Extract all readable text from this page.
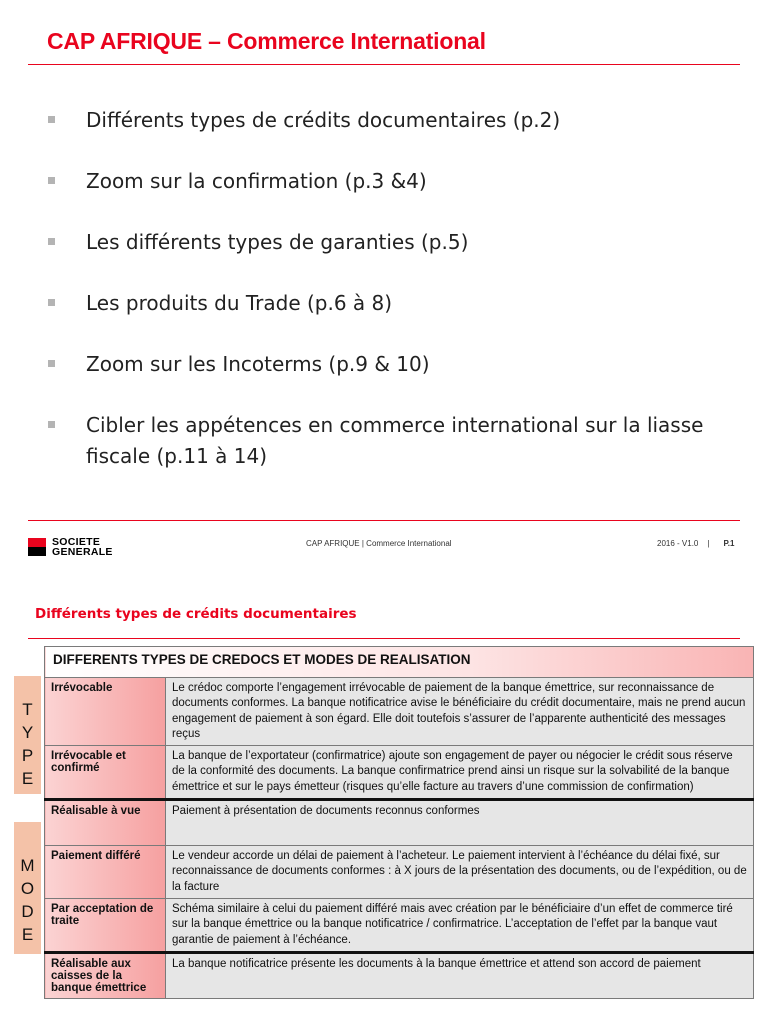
CAP AFRIQUE – Commerce International
Différents types de crédits documentaires (p.2)
Zoom sur la confirmation (p.3 &4)
Les différents types de garanties (p.5)
Les produits du Trade (p.6 à 8)
Zoom sur les Incoterms (p.9 & 10)
Cibler les appétences en commerce international sur la liasse fiscale (p.11 à 14)
SOCIETE
GENERALE
CAP AFRIQUE | Commerce International	2016 - V1.0 | P.1
Différents types de crédits documentaires
T
Y
P
E
M
O
D
E
DIFFERENTS TYPES DE CREDOCS ET MODES DE REALISATION	
Irrévocable	Le crédoc comporte l’engagement irrévocable de paiement de la banque émettrice, sur reconnaissance de documents conformes. La banque notificatrice avise le bénéficiaire du crédit documentaire, mais ne prend aucun engagement de paiement à son égard. Elle doit toutefois s’assurer de l’apparente authenticité des messages reçus
Irrévocable et confirmé	La banque de l’exportateur (confirmatrice) ajoute son engagement de payer ou négocier le crédit sous réserve de la conformité des documents. La banque confirmatrice prend ainsi un risque sur la solvabilité de la banque émettrice et sur le pays émetteur (risques qu’elle facture au travers d’une commission de confirmation)
Réalisable à vue	Paiement à présentation de documents reconnus conformes
Paiement différé	Le vendeur accorde un délai de paiement à l’acheteur. Le paiement intervient à l’échéance du délai fixé, sur reconnaissance de documents conformes : à X jours de la présentation des documents, ou de l’expédition, ou de la facture
Par acceptation de traite	Schéma similaire à celui du paiement différé mais avec création par le bénéficiaire d’un effet de commerce tiré sur la banque émettrice ou la banque notificatrice / confirmatrice. L’acceptation de l’effet par la banque vaut garantie de paiement à l’échéance.
Réalisable aux caisses de la banque émettrice	La banque notificatrice présente les documents à la banque émettrice et attend son accord de paiement
